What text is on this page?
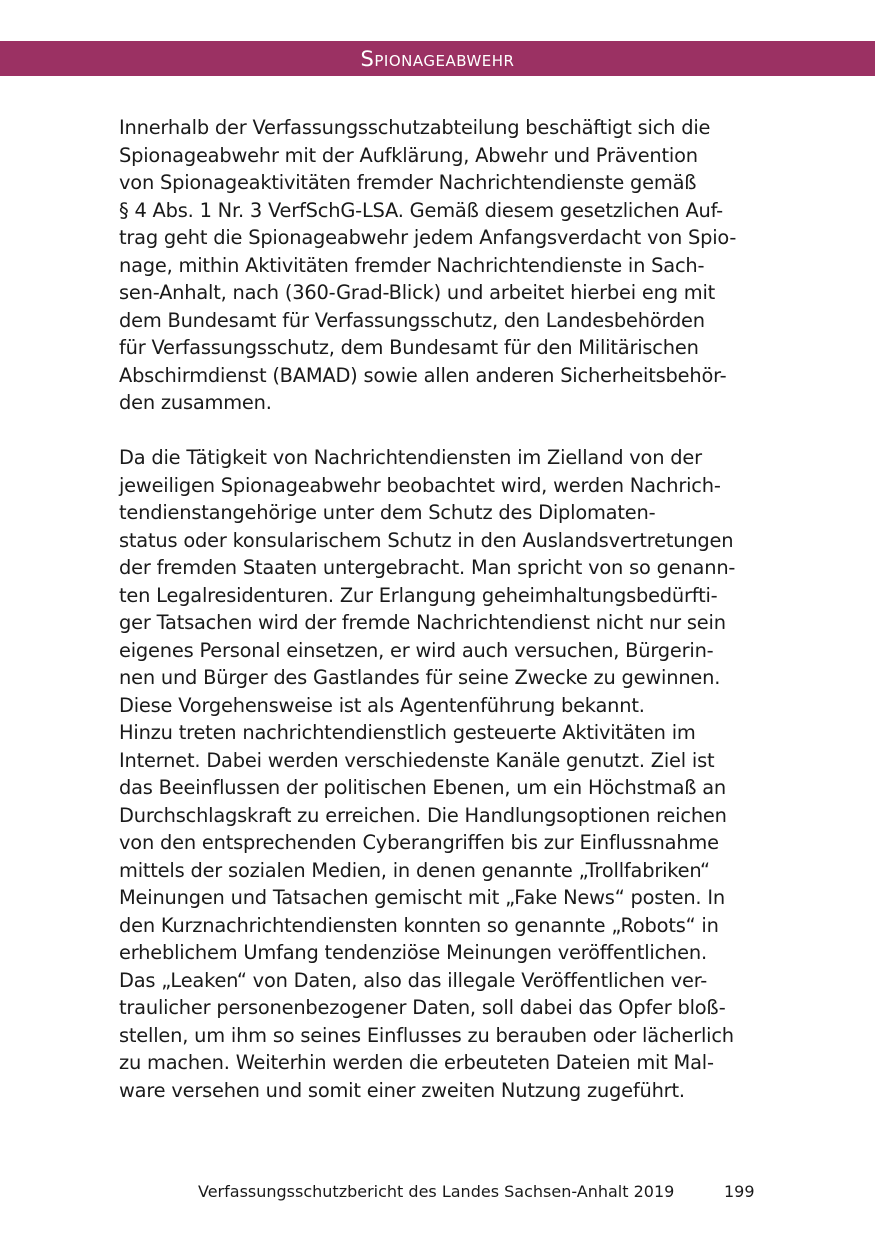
Spionageabwehr
Innerhalb der Verfassungsschutzabteilung beschäftigt sich die
Spionageabwehr mit der Aufklärung, Abwehr und Prävention
von Spionageaktivitäten fremder Nachrichtendienste gemäß
§ 4 Abs. 1 Nr. 3 VerfSchG-LSA. Gemäß diesem gesetzlichen Auf-
trag geht die Spionageabwehr jedem Anfangsverdacht von Spio-
nage, mithin Aktivitäten fremder Nachrichtendienste in Sach-
sen-Anhalt, nach (360-Grad-Blick) und arbeitet hierbei eng mit
dem Bundesamt für Verfassungsschutz, den Landesbehörden
für Verfassungsschutz, dem Bundesamt für den Militärischen
Abschirmdienst (BAMAD) sowie allen anderen Sicherheitsbehör-
den zusammen.
Da die Tätigkeit von Nachrichtendiensten im Zielland von der
jeweiligen Spionageabwehr beobachtet wird, werden Nachrich-
tendienstangehörige unter dem Schutz des Diplomaten-
status oder konsularischem Schutz in den Auslandsvertretungen
der fremden Staaten untergebracht. Man spricht von so genann-
ten Legalresidenturen. Zur Erlangung geheimhaltungsbedürfti-
ger Tatsachen wird der fremde Nachrichtendienst nicht nur sein
eigenes Personal einsetzen, er wird auch versuchen, Bürgerin-
nen und Bürger des Gastlandes für seine Zwecke zu gewinnen.
Diese Vorgehensweise ist als Agentenführung bekannt.
Hinzu treten nachrichtendienstlich gesteuerte Aktivitäten im
Internet. Dabei werden verschiedenste Kanäle genutzt. Ziel ist
das Beeinflussen der politischen Ebenen, um ein Höchstmaß an
Durchschlagskraft zu erreichen. Die Handlungsoptionen reichen
von den entsprechenden Cyberangriffen bis zur Einflussnahme
mittels der sozialen Medien, in denen genannte „Trollfabriken“
Meinungen und Tatsachen gemischt mit „Fake News“ posten. In
den Kurznachrichtendiensten konnten so genannte „Robots“ in
erheblichem Umfang tendenziöse Meinungen veröffentlichen.
Das „Leaken“ von Daten, also das illegale Veröffentlichen ver-
traulicher personenbezogener Daten, soll dabei das Opfer bloß-
stellen, um ihm so seines Einflusses zu berauben oder lächerlich
zu machen. Weiterhin werden die erbeuteten Dateien mit Mal-
ware versehen und somit einer zweiten Nutzung zugeführt.
Verfassungsschutzbericht des Landes Sachsen-Anhalt 2019	199
